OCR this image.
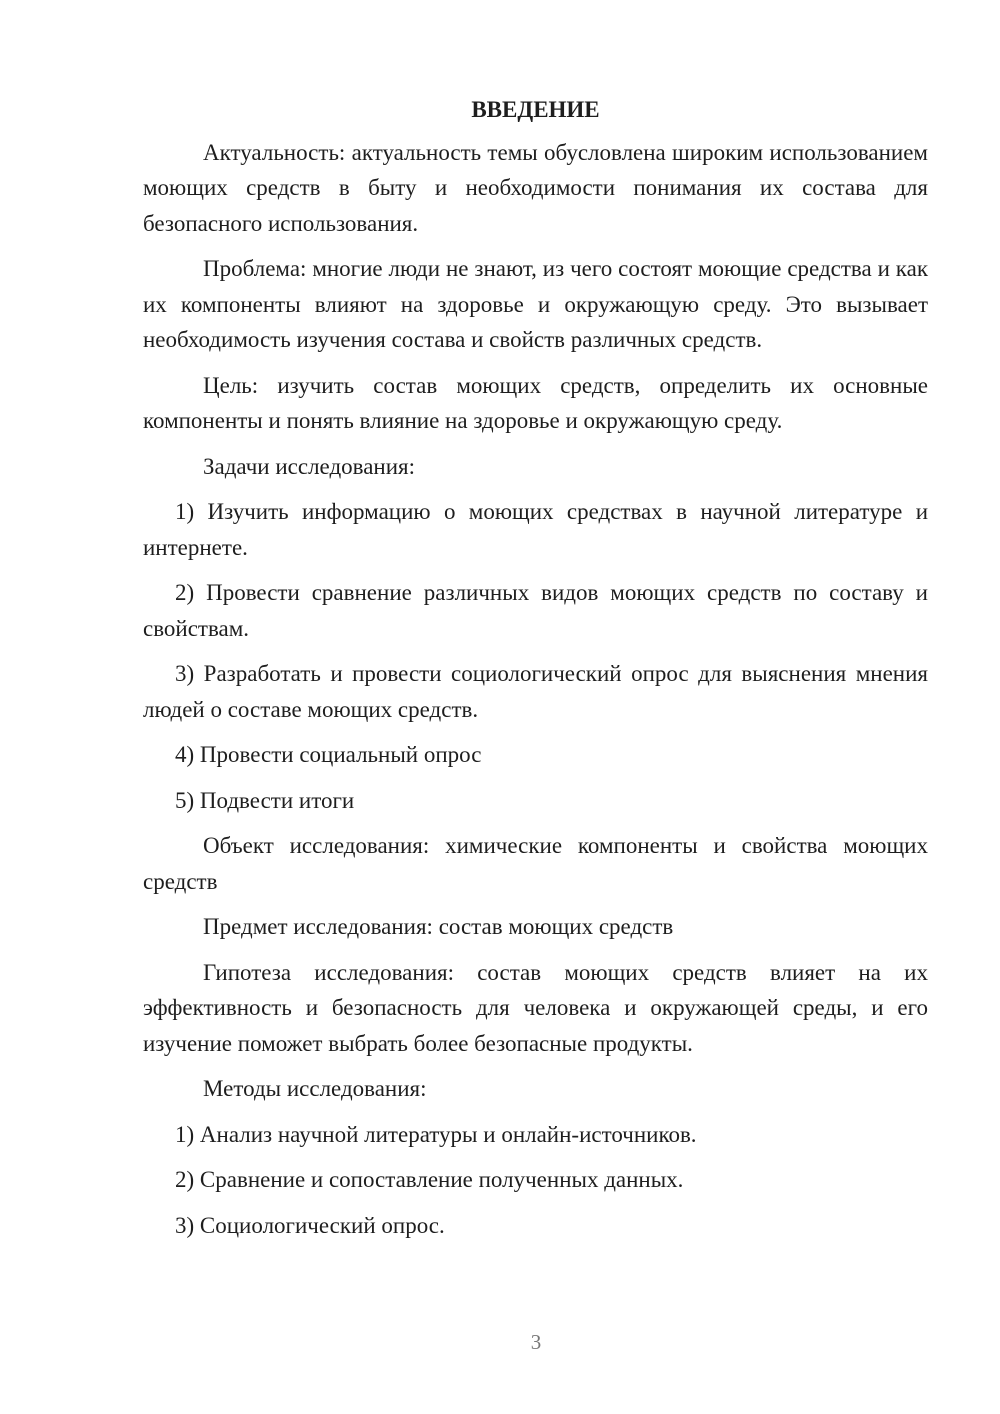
ВВЕДЕНИЕ

Актуальность: актуальность темы обусловлена широким использованием моющих средств в быту и необходимости понимания их состава для безопасного использования.

Проблема: многие люди не знают, из чего состоят моющие средства и как их компоненты влияют на здоровье и окружающую среду. Это вызывает необходимость изучения состава и свойств различных средств.

Цель: изучить состав моющих средств, определить их основные компоненты и понять влияние на здоровье и окружающую среду.

Задачи исследования:

1) Изучить информацию о моющих средствах в научной литературе и интернете.

2) Провести сравнение различных видов моющих средств по составу и свойствам.

3) Разработать и провести социологический опрос для выяснения мнения людей о составе моющих средств.

4) Провести социальный опрос

5) Подвести итоги

Объект исследования: химические компоненты и свойства моющих средств

Предмет исследования: состав моющих средств

Гипотеза исследования: состав моющих средств влияет на их эффективность и безопасность для человека и окружающей среды, и его изучение поможет выбрать более безопасные продукты.

Методы исследования:

1) Анализ научной литературы и онлайн-источников.

2) Сравнение и сопоставление полученных данных.

3) Социологический опрос.

3
